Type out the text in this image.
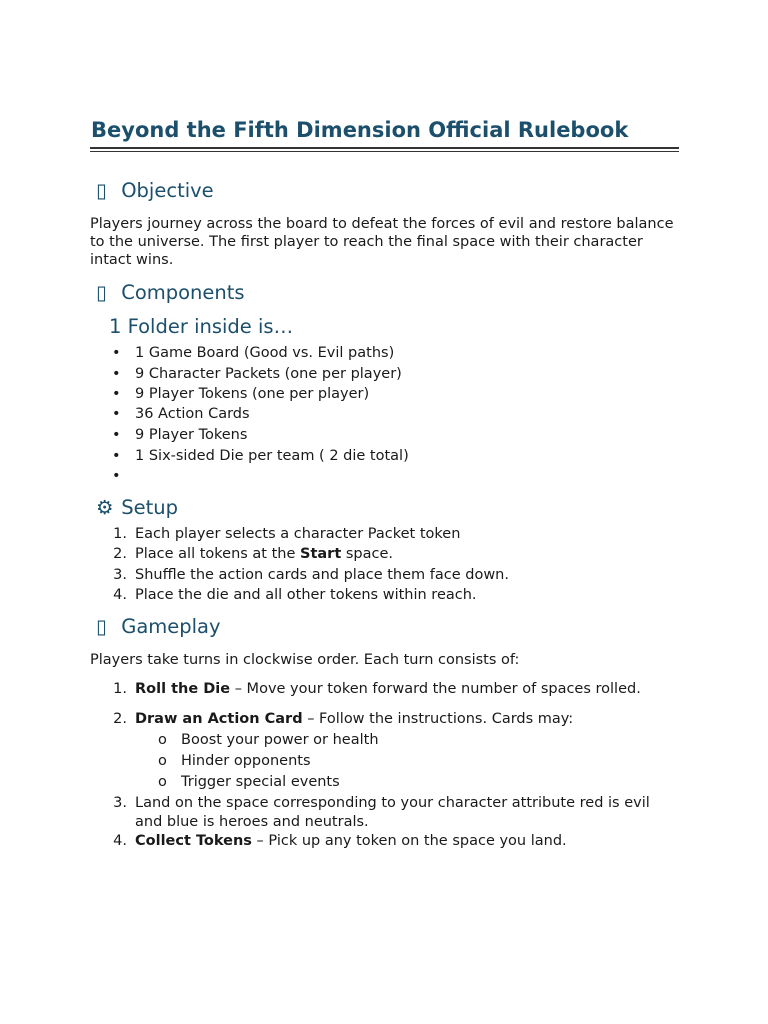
Beyond the Fifth Dimension Official Rulebook
▯ Objective

Players journey across the board to defeat the forces of evil and restore balance to the universe. The first player to reach the final space with their character intact wins.

▯ Components
1 Folder inside is…
• 1 Game Board (Good vs. Evil paths)
• 9 Character Packets (one per player)
• 9 Player Tokens (one per player)
• 36 Action Cards
• 9 Player Tokens
• 1 Six-sided Die per team ( 2 die total)
•
⚙ Setup
1. Each player selects a character Packet token
2. Place all tokens at the Start space.
3. Shuffle the action cards and place them face down.
4. Place the die and all other tokens within reach.
▯ Gameplay
Players take turns in clockwise order. Each turn consists of:
1. Roll the Die – Move your token forward the number of spaces rolled.
2. Draw an Action Card – Follow the instructions. Cards may:
o Boost your power or health
o Hinder opponents
o Trigger special events
3. Land on the space corresponding to your character attribute red is evil and blue is heroes and neutrals.
4. Collect Tokens – Pick up any token on the space you land.
